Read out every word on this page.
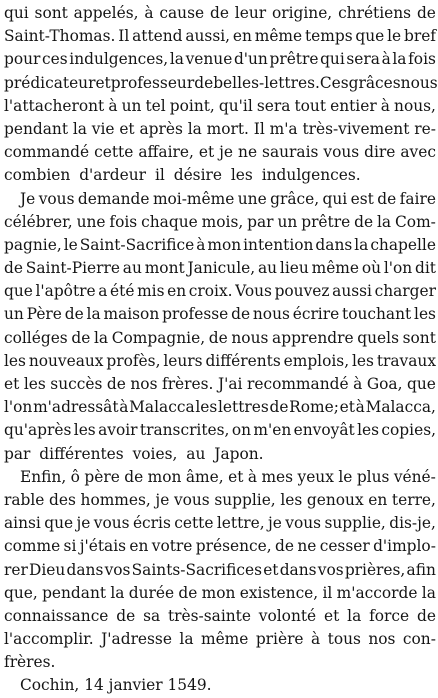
qui sont appelés, à cause de leur origine, chrétiens de
Saint-Thomas. Il attend aussi, en même temps que le bref
pour ces indulgences, la venue d'un prêtre qui sera à la fois
prédicateur et professeur de belles-lettres. Ces grâces nous
l'attacheront à un tel point, qu'il sera tout entier à nous,
pendant la vie et après la mort. Il m'a très-vivement re-
commandé cette affaire, et je ne saurais vous dire avec
combien d'ardeur il désire les indulgences.
Je vous demande moi-même une grâce, qui est de faire
célébrer, une fois chaque mois, par un prêtre de la Com-
pagnie, le Saint-Sacrifice à mon intention dans la chapelle
de Saint-Pierre au mont Janicule, au lieu même où l'on dit
que l'apôtre a été mis en croix. Vous pouvez aussi charger
un Père de la maison professe de nous écrire touchant les
colléges de la Compagnie, de nous apprendre quels sont
les nouveaux profès, leurs différents emplois, les travaux
et les succès de nos frères. J'ai recommandé à Goa, que
l'on m'adressât à Malacca les lettres de Rome; et à Malacca,
qu'après les avoir transcrites, on m'en envoyât les copies,
par différentes voies, au Japon.
Enfin, ô père de mon âme, et à mes yeux le plus véné-
rable des hommes, je vous supplie, les genoux en terre,
ainsi que je vous écris cette lettre, je vous supplie, dis-je,
comme si j'étais en votre présence, de ne cesser d'implo-
rer Dieu dans vos Saints-Sacrifices et dans vos prières, afin
que, pendant la durée de mon existence, il m'accorde la
connaissance de sa très-sainte volonté et la force de
l'accomplir. J'adresse la même prière à tous nos con-
frères.
Cochin, 14 janvier 1549.
